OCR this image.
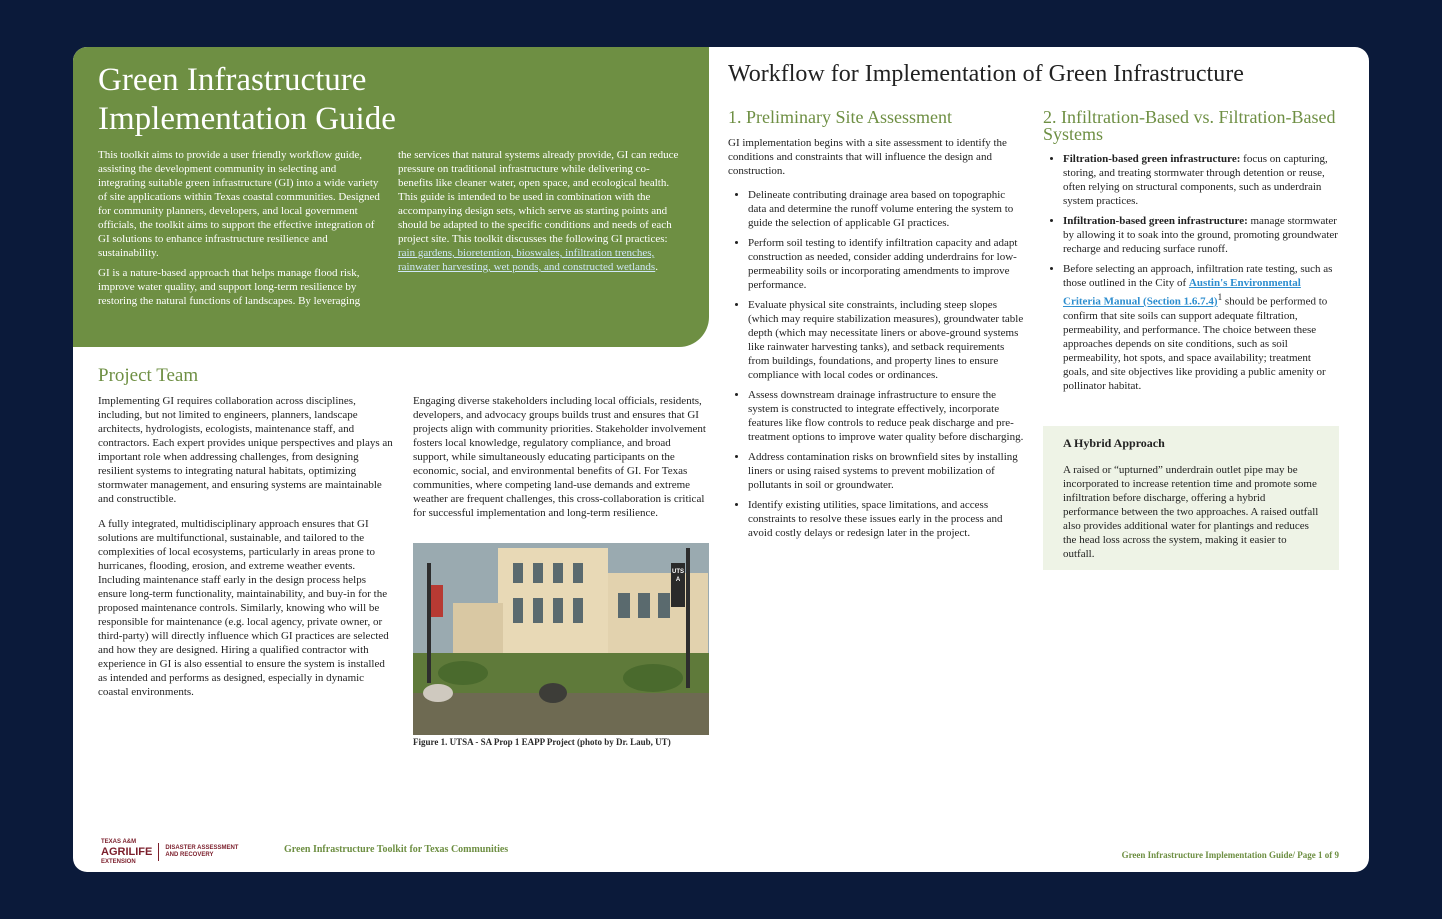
Green Infrastructure Implementation Guide

This toolkit aims to provide a user friendly workflow guide, assisting the development community in selecting and integrating suitable green infrastructure (GI) into a wide variety of site applications within Texas coastal communities. Designed for community planners, developers, and local government officials, the toolkit aims to support the effective integration of GI solutions to enhance infrastructure resilience and sustainability.

GI is a nature-based approach that helps manage flood risk, improve water quality, and support long-term resilience by restoring the natural functions of landscapes. By leveraging

the services that natural systems already provide, GI can reduce pressure on traditional infrastructure while delivering co-benefits like cleaner water, open space, and ecological health. This guide is intended to be used in combination with the accompanying design sets, which serve as starting points and should be adapted to the specific conditions and needs of each project site. This toolkit discusses the following GI practices: rain gardens, bioretention, bioswales, infiltration trenches, rainwater harvesting, wet ponds, and constructed wetlands.

Project Team

Implementing GI requires collaboration across disciplines, including, but not limited to engineers, planners, landscape architects, hydrologists, ecologists, maintenance staff, and contractors. Each expert provides unique perspectives and plays an important role when addressing challenges, from designing resilient systems to integrating natural habitats, optimizing stormwater management, and ensuring systems are maintainable and constructible.

A fully integrated, multidisciplinary approach ensures that GI solutions are multifunctional, sustainable, and tailored to the complexities of local ecosystems, particularly in areas prone to hurricanes, flooding, erosion, and extreme weather events. Including maintenance staff early in the design process helps ensure long-term functionality, maintainability, and buy-in for the proposed maintenance controls. Similarly, knowing who will be responsible for maintenance (e.g. local agency, private owner, or third-party) will directly influence which GI practices are selected and how they are designed. Hiring a qualified contractor with experience in GI is also essential to ensure the system is installed as intended and performs as designed, especially in dynamic coastal environments.

Engaging diverse stakeholders including local officials, residents, developers, and advocacy groups builds trust and ensures that GI projects align with community priorities. Stakeholder involvement fosters local knowledge, regulatory compliance, and broad support, while simultaneously educating participants on the economic, social, and environmental benefits of GI. For Texas communities, where competing land-use demands and extreme weather are frequent challenges, this cross-collaboration is critical for successful implementation and long-term resilience.

UTSA
Figure 1. UTSA - SA Prop 1 EAPP Project (photo by Dr. Laub, UT)
Workflow for Implementation of Green Infrastructure
1. Preliminary Site Assessment

GI implementation begins with a site assessment to identify the conditions and constraints that will influence the design and construction.

• Delineate contributing drainage area based on topographic data and determine the runoff volume entering the system to guide the selection of applicable GI practices.
• Perform soil testing to identify infiltration capacity and adapt construction as needed, consider adding underdrains for low-permeability soils or incorporating amendments to improve performance.
• Evaluate physical site constraints, including steep slopes (which may require stabilization measures), groundwater table depth (which may necessitate liners or above-ground systems like rainwater harvesting tanks), and setback requirements from buildings, foundations, and property lines to ensure compliance with local codes or ordinances.
• Assess downstream drainage infrastructure to ensure the system is constructed to integrate effectively, incorporate features like flow controls to reduce peak discharge and pre-treatment options to improve water quality before discharging.
• Address contamination risks on brownfield sites by installing liners or using raised systems to prevent mobilization of pollutants in soil or groundwater.
• Identify existing utilities, space limitations, and access constraints to resolve these issues early in the process and avoid costly delays or redesign later in the project.
2. Infiltration-Based vs. Filtration-Based Systems
• Filtration-based green infrastructure: focus on capturing, storing, and treating stormwater through detention or reuse, often relying on structural components, such as underdrain system practices.
• Infiltration-based green infrastructure: manage stormwater by allowing it to soak into the ground, promoting groundwater recharge and reducing surface runoff.
• Before selecting an approach, infiltration rate testing, such as those outlined in the City of Austin's Environmental Criteria Manual (Section 1.6.7.4)$^1$ should be performed to confirm that site soils can support adequate filtration, permeability, and performance. The choice between these approaches depends on site conditions, such as soil permeability, hot spots, and space availability; treatment goals, and site objectives like providing a public amenity or pollinator habitat.
A Hybrid Approach

A raised or “upturned” underdrain outlet pipe may be incorporated to increase retention time and promote some infiltration before discharge, offering a hybrid performance between the two approaches. A raised outfall also provides additional water for plantings and reduces the head loss across the system, making it easier to outfall.

TEXAS A&M
AGRILIFE
EXTENSION
DISASTER ASSESSMENT
AND RECOVERY	Green Infrastructure Toolkit for Texas Communities	Green Infrastructure Implementation Guide/ Page 1 of 9
